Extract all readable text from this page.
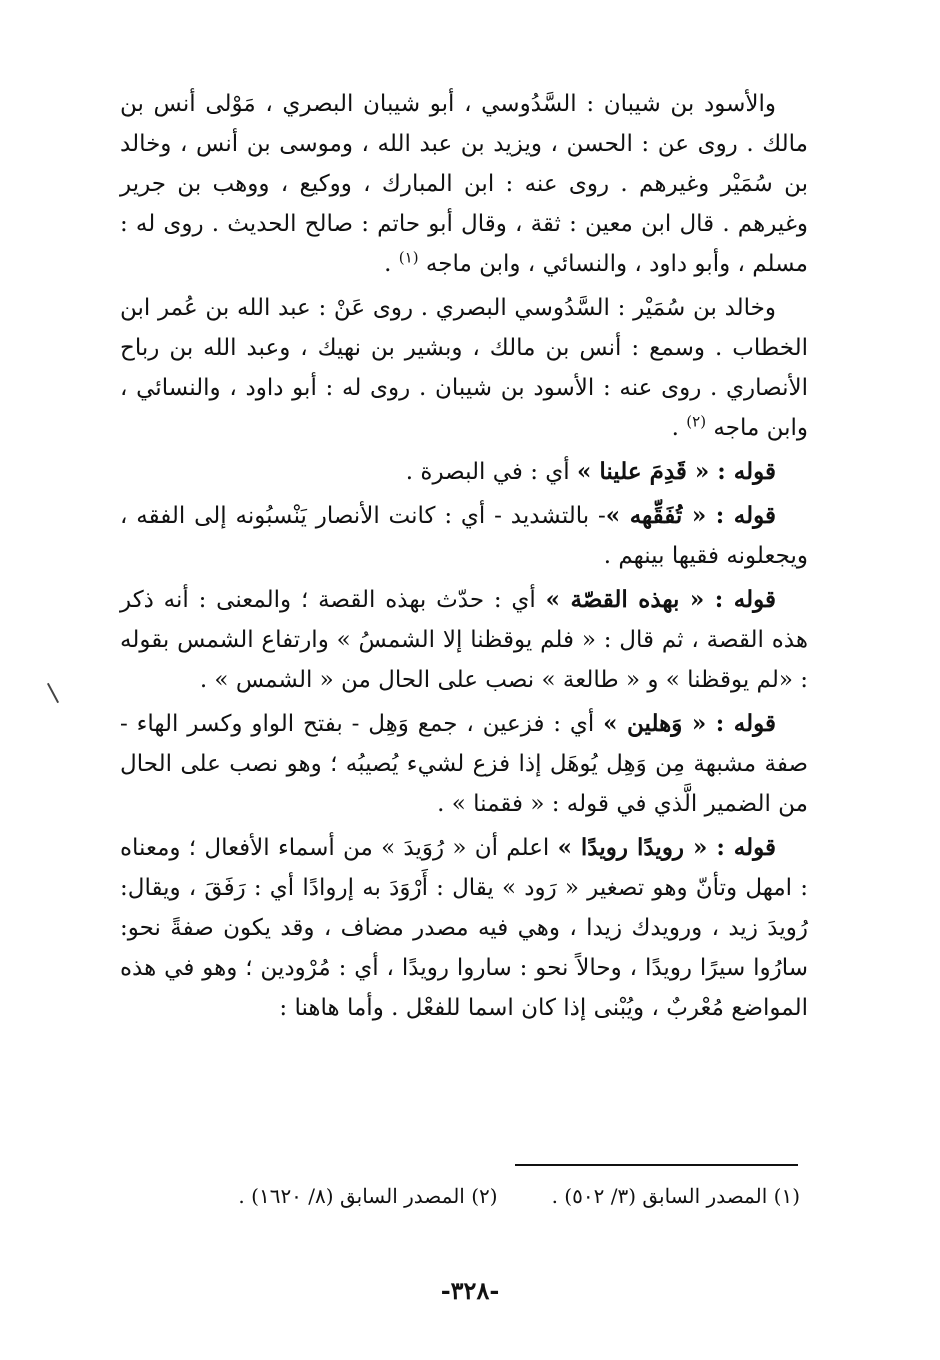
والأسود بن شيبان : السَّدُوسي ، أبو شيبان البصري ، مَوْلى أنس بن مالك . روى عن : الحسن ، ويزيد بن عبد الله ، وموسى بن أنس ، وخالد بن سُمَيْر وغيرهم . روى عنه : ابن المبارك ، ووكيع ، ووهب بن جرير وغيرهم . قال ابن معين : ثقة ، وقال أبو حاتم : صالح الحديث . روى له : مسلم ، وأبو داود ، والنسائي ، وابن ماجه $^{(١)}$ .

وخالد بن سُمَيْر : السَّدُوسي البصري . روى عَنْ : عبد الله بن عُمر ابن الخطاب . وسمع : أنس بن مالك ، وبشير بن نهيك ، وعبد الله بن رباح الأنصاري . روى عنه : الأسود بن شيبان . روى له : أبو داود ، والنسائي ، وابن ماجه $^{(٢)}$ .

قوله : « قَدِمَ علينا » أي : في البصرة .

قوله : « تُفَقِّهه »- بالتشديد - أي : كانت الأنصار يَنْسبُونه إلى الفقه ، ويجعلونه فقيها بينهم .

قوله : « بهذه القصّة » أي : حدّث بهذه القصة ؛ والمعنى : أنه ذكر هذه القصة ، ثم قال : « فلم يوقظنا إلا الشمسُ » وارتفاع الشمس بقوله : «لم يوقظنا » و « طالعة » نصب على الحال من « الشمس » .

قوله : « وَهلين » أي : فزعين ، جمع وَهِل - بفتح الواو وكسر الهاء - صفة مشبهة مِن وَهِل يُوهَل إذا فزع لشيء يُصيبُه ؛ وهو نصب على الحال من الضمير الَّذي في قوله : « فقمنا » .

قوله : « رويدًا رويدًا » اعلم أن « رُوَيدَ » من أسماء الأفعال ؛ ومعناه : امهل وتأنّ وهو تصغير « رَود » يقال : أَرْوَدَ به إروادًا أي : رَفَقَ ، ويقال: رُويدَ زيد ، ورويدك زيدا ، وهي فيه مصدر مضاف ، وقد يكون صفةً نحو: سارُوا سيرًا رويدًا ، وحالاً نحو : ساروا رويدًا ، أي : مُرْودين ؛ وهو في هذه المواضع مُعْربٌ ، ويُبْنى إذا كان اسما للفعْل . وأما هاهنا :

(١) المصدر السابق (٣/ ٥٠٢) .
(٢) المصدر السابق (٨/ ١٦٢٠) .
-٣٢٨-
